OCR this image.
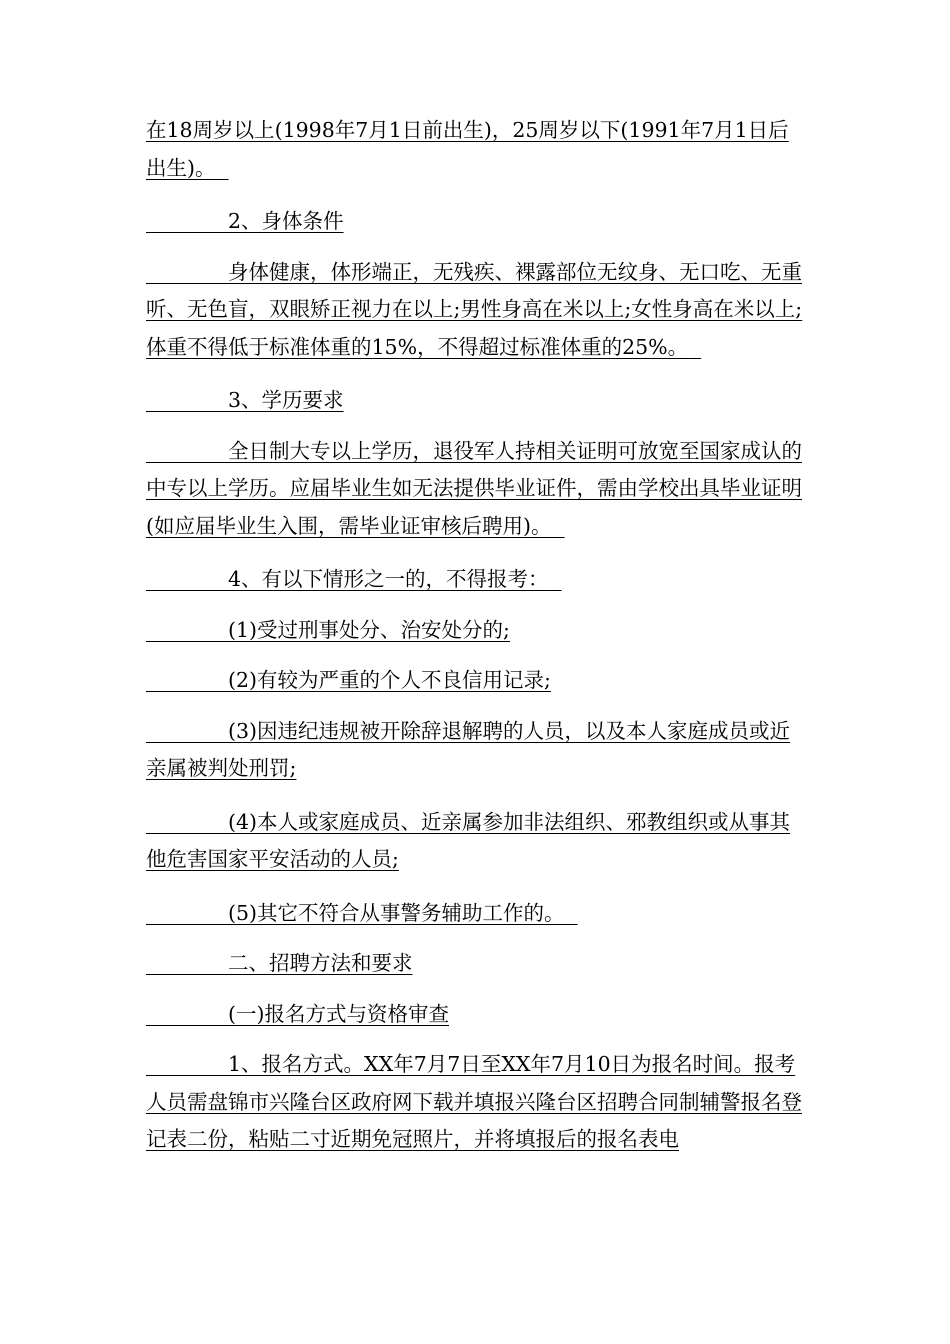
在18周岁以上(1998年7月1日前出生)，25周岁以下(1991年7月1日后出生)。

2、身体条件

身体健康，体形端正，无残疾、裸露部位无纹身、无口吃、无重听、无色盲，双眼矫正视力在以上;男性身高在米以上;女性身高在米以上;体重不得低于标准体重的15%，不得超过标准体重的25%。

3、学历要求

全日制大专以上学历，退役军人持相关证明可放宽至国家成认的中专以上学历。应届毕业生如无法提供毕业证件，需由学校出具毕业证明(如应届毕业生入围，需毕业证审核后聘用)。

4、有以下情形之一的，不得报考：

(1)受过刑事处分、治安处分的;

(2)有较为严重的个人不良信用记录;

(3)因违纪违规被开除辞退解聘的人员，以及本人家庭成员或近亲属被判处刑罚;

(4)本人或家庭成员、近亲属参加非法组织、邪教组织或从事其他危害国家平安活动的人员;

(5)其它不符合从事警务辅助工作的。

二、招聘方法和要求

(一)报名方式与资格审查

1、报名方式。XX年7月7日至XX年7月10日为报名时间。报考人员需盘锦市兴隆台区政府网下载并填报兴隆台区招聘合同制辅警报名登记表二份，粘贴二寸近期免冠照片，并将填报后的报名表电
